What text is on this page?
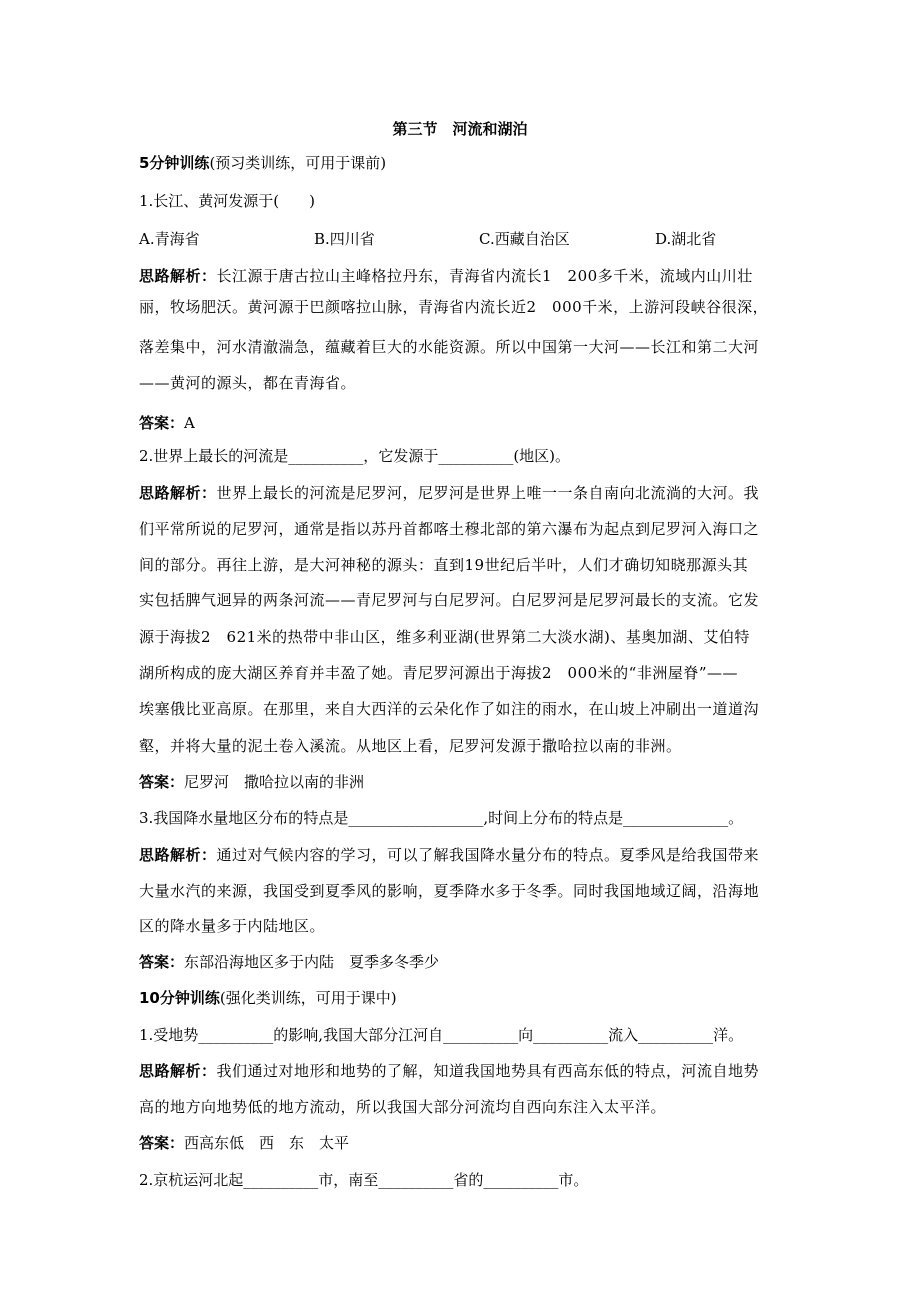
第三节　河流和湖泊
5分钟训练(预习类训练，可用于课前)
1.长江、黄河发源于(　　)
A.青海省	B.四川省	C.西藏自治区	D.湖北省
思路解析：长江源于唐古拉山主峰格拉丹东，青海省内流长1　200多千米，流域内山川壮
丽，牧场肥沃。黄河源于巴颜喀拉山脉，青海省内流长近2　000千米，上游河段峡谷很深，
落差集中，河水清澈湍急，蕴藏着巨大的水能资源。所以中国第一大河——长江和第二大河
——黄河的源头，都在青海省。
答案：A
2.世界上最长的河流是__________，它发源于__________(地区)。
思路解析：世界上最长的河流是尼罗河，尼罗河是世界上唯一一条自南向北流淌的大河。我
们平常所说的尼罗河，通常是指以苏丹首都喀土穆北部的第六瀑布为起点到尼罗河入海口之
间的部分。再往上游，是大河神秘的源头：直到19世纪后半叶，人们才确切知晓那源头其
实包括脾气迥异的两条河流——青尼罗河与白尼罗河。白尼罗河是尼罗河最长的支流。它发
源于海拔2　621米的热带中非山区，维多利亚湖(世界第二大淡水湖)、基奥加湖、艾伯特
湖所构成的庞大湖区养育并丰盈了她。青尼罗河源出于海拔2　000米的“非洲屋脊”——
埃塞俄比亚高原。在那里，来自大西洋的云朵化作了如注的雨水，在山坡上冲刷出一道道沟
壑，并将大量的泥土卷入溪流。从地区上看，尼罗河发源于撒哈拉以南的非洲。
答案：尼罗河　撒哈拉以南的非洲
3.我国降水量地区分布的特点是__________________,时间上分布的特点是______________。
思路解析：通过对气候内容的学习，可以了解我国降水量分布的特点。夏季风是给我国带来
大量水汽的来源，我国受到夏季风的影响，夏季降水多于冬季。同时我国地域辽阔，沿海地
区的降水量多于内陆地区。
答案：东部沿海地区多于内陆　夏季多冬季少
10分钟训练(强化类训练，可用于课中)
1.受地势__________的影响,我国大部分江河自__________向__________流入__________洋。
思路解析：我们通过对地形和地势的了解，知道我国地势具有西高东低的特点，河流自地势
高的地方向地势低的地方流动，所以我国大部分河流均自西向东注入太平洋。
答案：西高东低　西　东　太平
2.京杭运河北起__________市，南至__________省的__________市。
